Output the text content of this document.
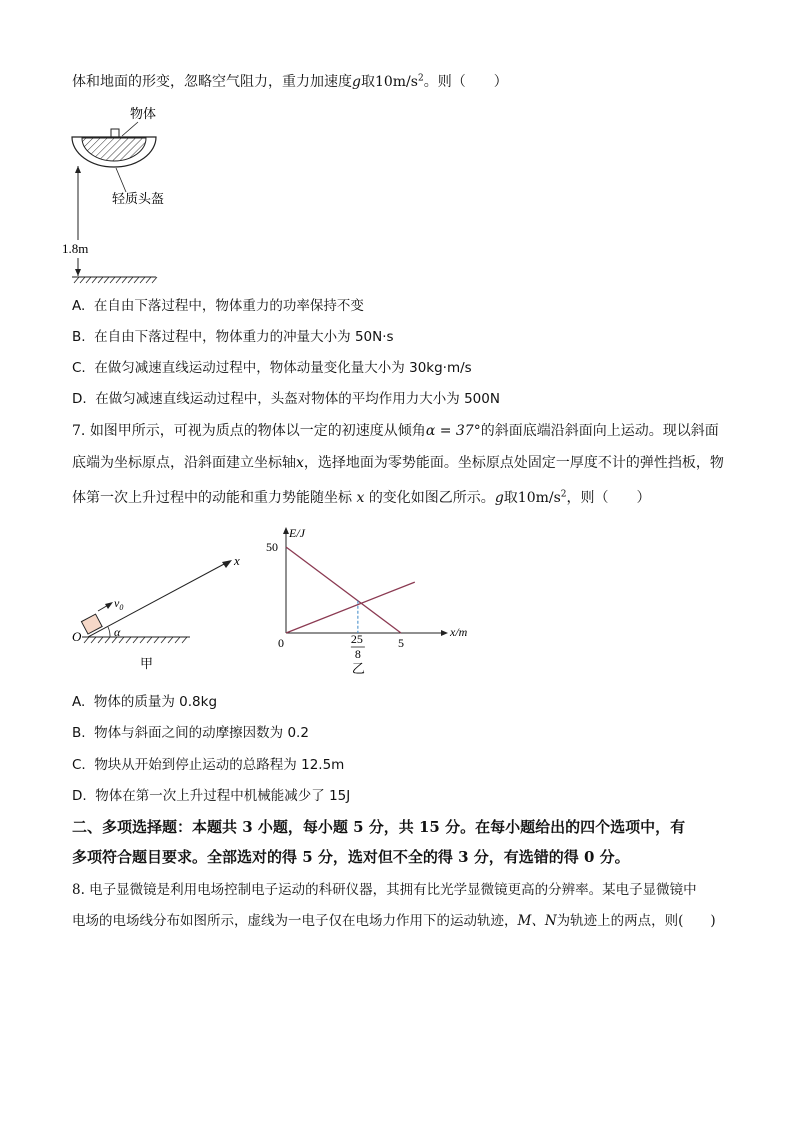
体和地面的形变，忽略空气阻力，重力加速度g取$10m/s^2$。则（　　）
物体
轻质头盔
1.8m
A. 在自由下落过程中，物体重力的功率保持不变
B. 在自由下落过程中，物体重力的冲量大小为 50N·s
C. 在做匀减速直线运动过程中，物体动量变化量大小为 30kg·m/s
D. 在做匀减速直线运动过程中，头盔对物体的平均作用力大小为 500N
7. 如图甲所示，可视为质点的物体以一定的初速度从倾角α = 37°的斜面底端沿斜面向上运动。现以斜面
底端为坐标原点，沿斜面建立坐标轴x，选择地面为零势能面。坐标原点处固定一厚度不计的弹性挡板，物
体第一次上升过程中的动能和重力势能随坐标 x 的变化如图乙所示。g取$10m/s^2$，则（　　）
x
$v_0$
O	α
甲
E/J
x/m
50
0	5
25
8
乙
A. 物体的质量为 0.8kg
B. 物体与斜面之间的动摩擦因数为 0.2
C. 物块从开始到停止运动的总路程为 12.5m
D. 物体在第一次上升过程中机械能减少了 15J
二、多项选择题：本题共 3 小题，每小题 5 分，共 15 分。在每小题给出的四个选项中，有
多项符合题目要求。全部选对的得 5 分，选对但不全的得 3 分，有选错的得 0 分。
8. 电子显微镜是利用电场控制电子运动的科研仪器，其拥有比光学显微镜更高的分辨率。某电子显微镜中
电场的电场线分布如图所示，虚线为一电子仅在电场力作用下的运动轨迹，M、N为轨迹上的两点，则(　　)
